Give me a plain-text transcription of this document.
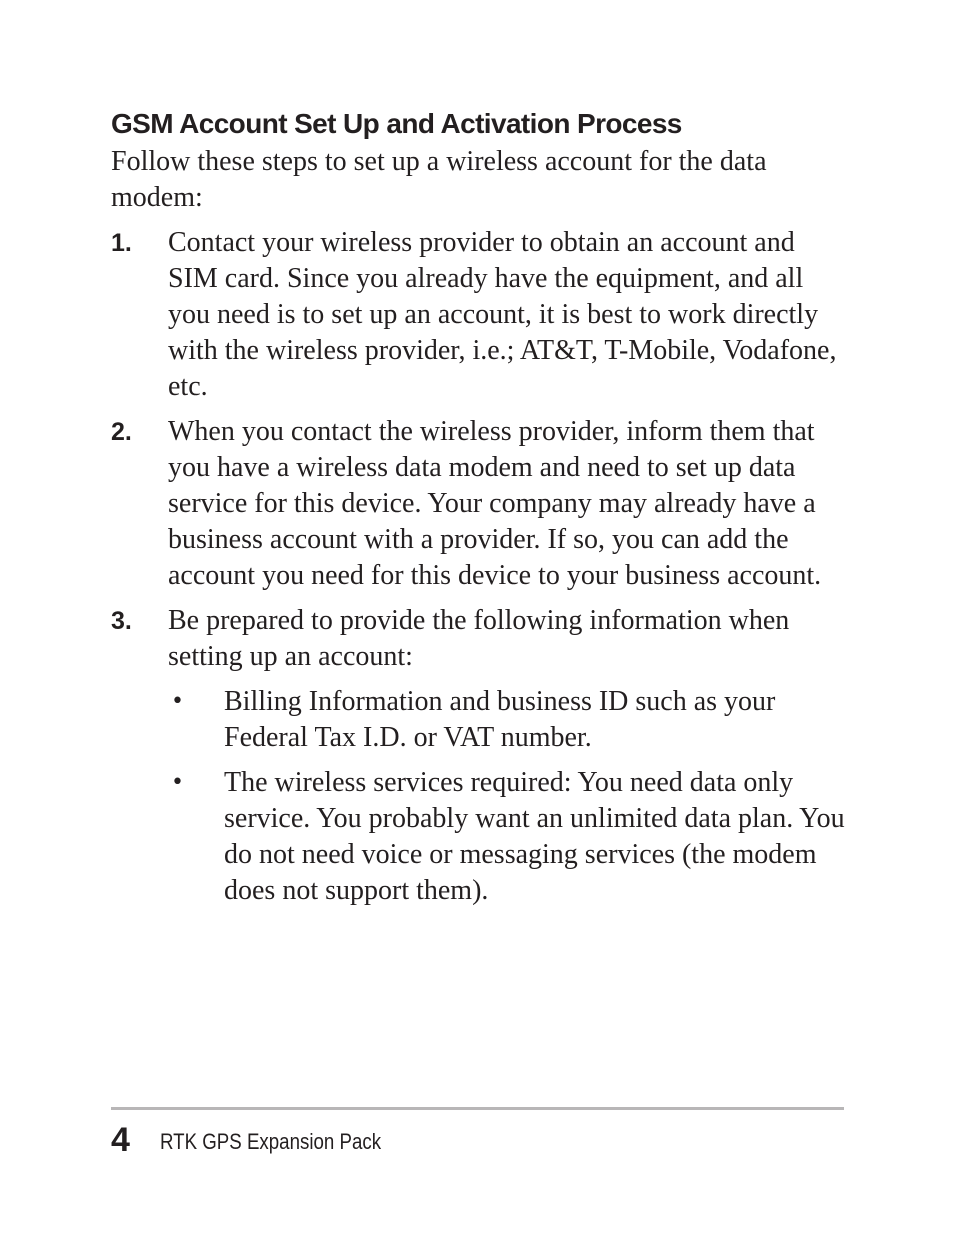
GSM Account Set Up and Activation Process

Follow these steps to set up a wireless account for the data modem:

1. Contact your wireless provider to obtain an account and SIM card. Since you already have the equipment, and all you need is to set up an account, it is best to work directly with the wireless provider, i.e.; AT&T, T-Mobile, Vodafone, etc.
2. When you contact the wireless provider, inform them that you have a wireless data modem and need to set up data service for this device. Your company may already have a business account with a provider. If so, you can add the account you need for this device to your business account.
3. Be prepared to provide the following information when setting up an account:
• Billing Information and business ID such as your Federal Tax I.D. or VAT number.
• The wireless services required: You need data only service. You probably want an unlimited data plan. You do not need voice or messaging services (the modem does not support them).
4 RTK GPS Expansion Pack
